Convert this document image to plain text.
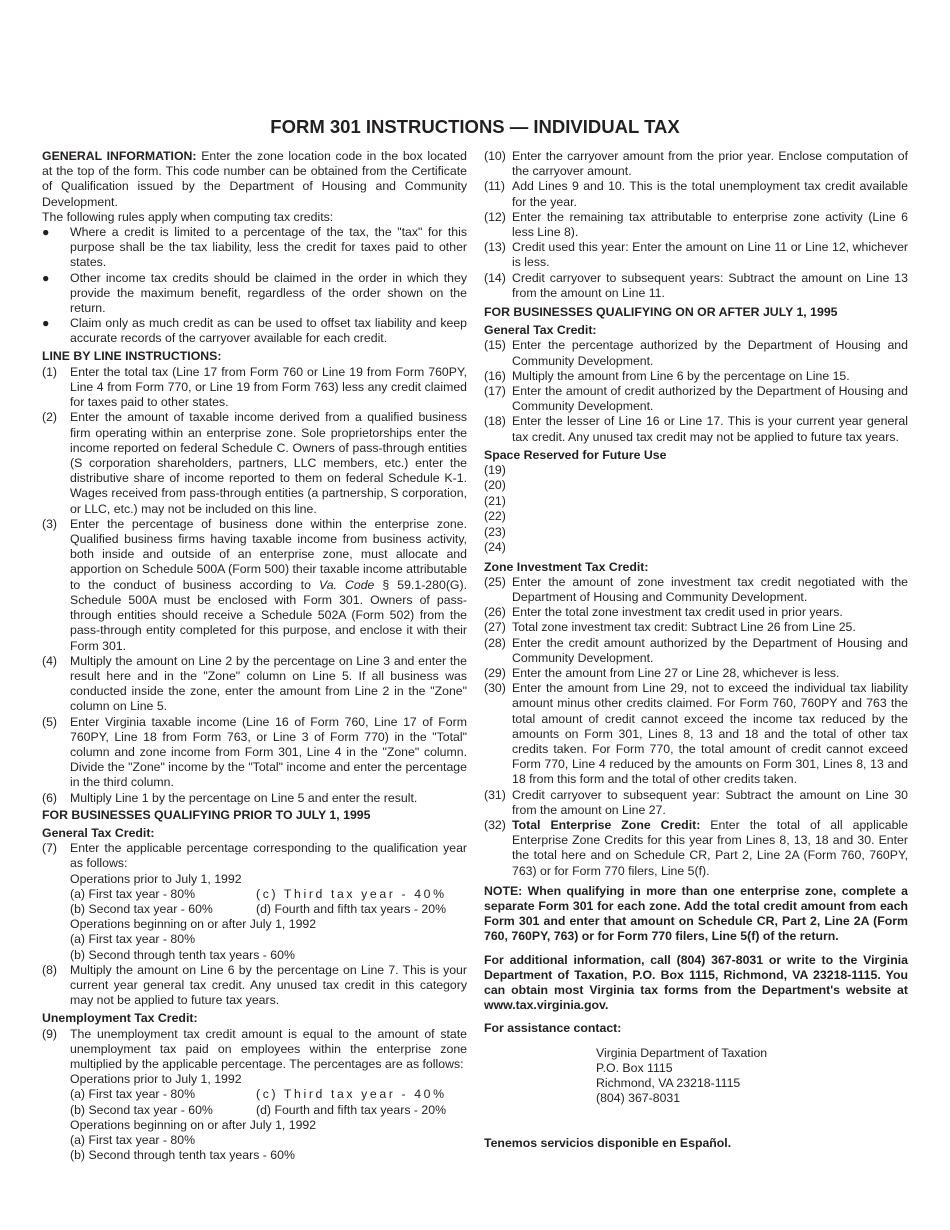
FORM 301 INSTRUCTIONS — INDIVIDUAL TAX

GENERAL INFORMATION: Enter the zone location code in the box located at the top of the form. This code number can be obtained from the Certificate of Qualification issued by the Department of Housing and Community Development.

The following rules apply when computing tax credits:

● Where a credit is limited to a percentage of the tax, the "tax" for this purpose shall be the tax liability, less the credit for taxes paid to other states.
● Other income tax credits should be claimed in the order in which they provide the maximum benefit, regardless of the order shown on the return.
● Claim only as much credit as can be used to offset tax liability and keep accurate records of the carryover available for each credit.

LINE BY LINE INSTRUCTIONS:

(1) Enter the total tax (Line 17 from Form 760 or Line 19 from Form 760PY, Line 4 from Form 770, or Line 19 from Form 763) less any credit claimed for taxes paid to other states.
(2) Enter the amount of taxable income derived from a qualified business firm operating within an enterprise zone. Sole proprietorships enter the income reported on federal Schedule C. Owners of pass-through entities (S corporation shareholders, partners, LLC members, etc.) enter the distributive share of income reported to them on federal Schedule K-1. Wages received from pass-through entities (a partnership, S corporation, or LLC, etc.) may not be included on this line.
(3) Enter the percentage of business done within the enterprise zone. Qualified business firms having taxable income from business activity, both inside and outside of an enterprise zone, must allocate and apportion on Schedule 500A (Form 500) their taxable income attributable to the conduct of business according to Va. Code § 59.1-280(G). Schedule 500A must be enclosed with Form 301. Owners of pass-through entities should receive a Schedule 502A (Form 502) from the pass-through entity completed for this purpose, and enclose it with their Form 301.
(4) Multiply the amount on Line 2 by the percentage on Line 3 and enter the result here and in the "Zone" column on Line 5. If all business was conducted inside the zone, enter the amount from Line 2 in the "Zone" column on Line 5.
(5) Enter Virginia taxable income (Line 16 of Form 760, Line 17 of Form 760PY, Line 18 from Form 763, or Line 3 of Form 770) in the "Total" column and zone income from Form 301, Line 4 in the "Zone" column. Divide the "Zone" income by the "Total" income and enter the percentage in the third column.
(6) Multiply Line 1 by the percentage on Line 5 and enter the result.

FOR BUSINESSES QUALIFYING PRIOR TO JULY 1, 1995

General Tax Credit:

(7) Enter the applicable percentage corresponding to the qualification year as follows:

Operations prior to July 1, 1992

(a) First tax year - 80%	(c) Third tax year - 40%
(b) Second tax year - 60%	(d) Fourth and fifth tax years - 20%

Operations beginning on or after July 1, 1992

(a) First tax year - 80%

(b) Second through tenth tax years - 60%

(8) Multiply the amount on Line 6 by the percentage on Line 7. This is your current year general tax credit. Any unused tax credit in this category may not be applied to future tax years.

Unemployment Tax Credit:

(9) The unemployment tax credit amount is equal to the amount of state unemployment tax paid on employees within the enterprise zone multiplied by the applicable percentage. The percentages are as follows:

Operations prior to July 1, 1992

(a) First tax year - 80%	(c) Third tax year - 40%
(b) Second tax year - 60%	(d) Fourth and fifth tax years - 20%

Operations beginning on or after July 1, 1992

(a) First tax year - 80%

(b) Second through tenth tax years - 60%

(10) Enter the carryover amount from the prior year. Enclose computation of the carryover amount.
(11) Add Lines 9 and 10. This is the total unemployment tax credit available for the year.
(12) Enter the remaining tax attributable to enterprise zone activity (Line 6 less Line 8).
(13) Credit used this year: Enter the amount on Line 11 or Line 12, whichever is less.
(14) Credit carryover to subsequent years: Subtract the amount on Line 13 from the amount on Line 11.

FOR BUSINESSES QUALIFYING ON OR AFTER JULY 1, 1995

General Tax Credit:

(15) Enter the percentage authorized by the Department of Housing and Community Development.
(16) Multiply the amount from Line 6 by the percentage on Line 15.
(17) Enter the amount of credit authorized by the Department of Housing and Community Development.
(18) Enter the lesser of Line 16 or Line 17. This is your current year general tax credit. Any unused tax credit may not be applied to future tax years.

Space Reserved for Future Use

(19)

(20)

(21)

(22)

(23)

(24)

Zone Investment Tax Credit:

(25) Enter the amount of zone investment tax credit negotiated with the Department of Housing and Community Development.
(26) Enter the total zone investment tax credit used in prior years.
(27) Total zone investment tax credit: Subtract Line 26 from Line 25.
(28) Enter the credit amount authorized by the Department of Housing and Community Development.
(29) Enter the amount from Line 27 or Line 28, whichever is less.
(30) Enter the amount from Line 29, not to exceed the individual tax liability amount minus other credits claimed. For Form 760, 760PY and 763 the total amount of credit cannot exceed the income tax reduced by the amounts on Form 301, Lines 8, 13 and 18 and the total of other tax credits taken. For Form 770, the total amount of credit cannot exceed Form 770, Line 4 reduced by the amounts on Form 301, Lines 8, 13 and 18 from this form and the total of other credits taken.
(31) Credit carryover to subsequent year: Subtract the amount on Line 30 from the amount on Line 27.
(32) Total Enterprise Zone Credit: Enter the total of all applicable Enterprise Zone Credits for this year from Lines 8, 13, 18 and 30. Enter the total here and on Schedule CR, Part 2, Line 2A (Form 760, 760PY, 763) or for Form 770 filers, Line 5(f).

NOTE: When qualifying in more than one enterprise zone, complete a separate Form 301 for each zone. Add the total credit amount from each Form 301 and enter that amount on Schedule CR, Part 2, Line 2A (Form 760, 760PY, 763) or for Form 770 filers, Line 5(f) of the return.

For additional information, call (804) 367-8031 or write to the Virginia Department of Taxation, P.O. Box 1115, Richmond, VA 23218-1115. You can obtain most Virginia tax forms from the Department's website at www.tax.virginia.gov.

For assistance contact:

Virginia Department of Taxation

P.O. Box 1115

Richmond, VA 23218-1115

(804) 367-8031

Tenemos servicios disponible en Español.
